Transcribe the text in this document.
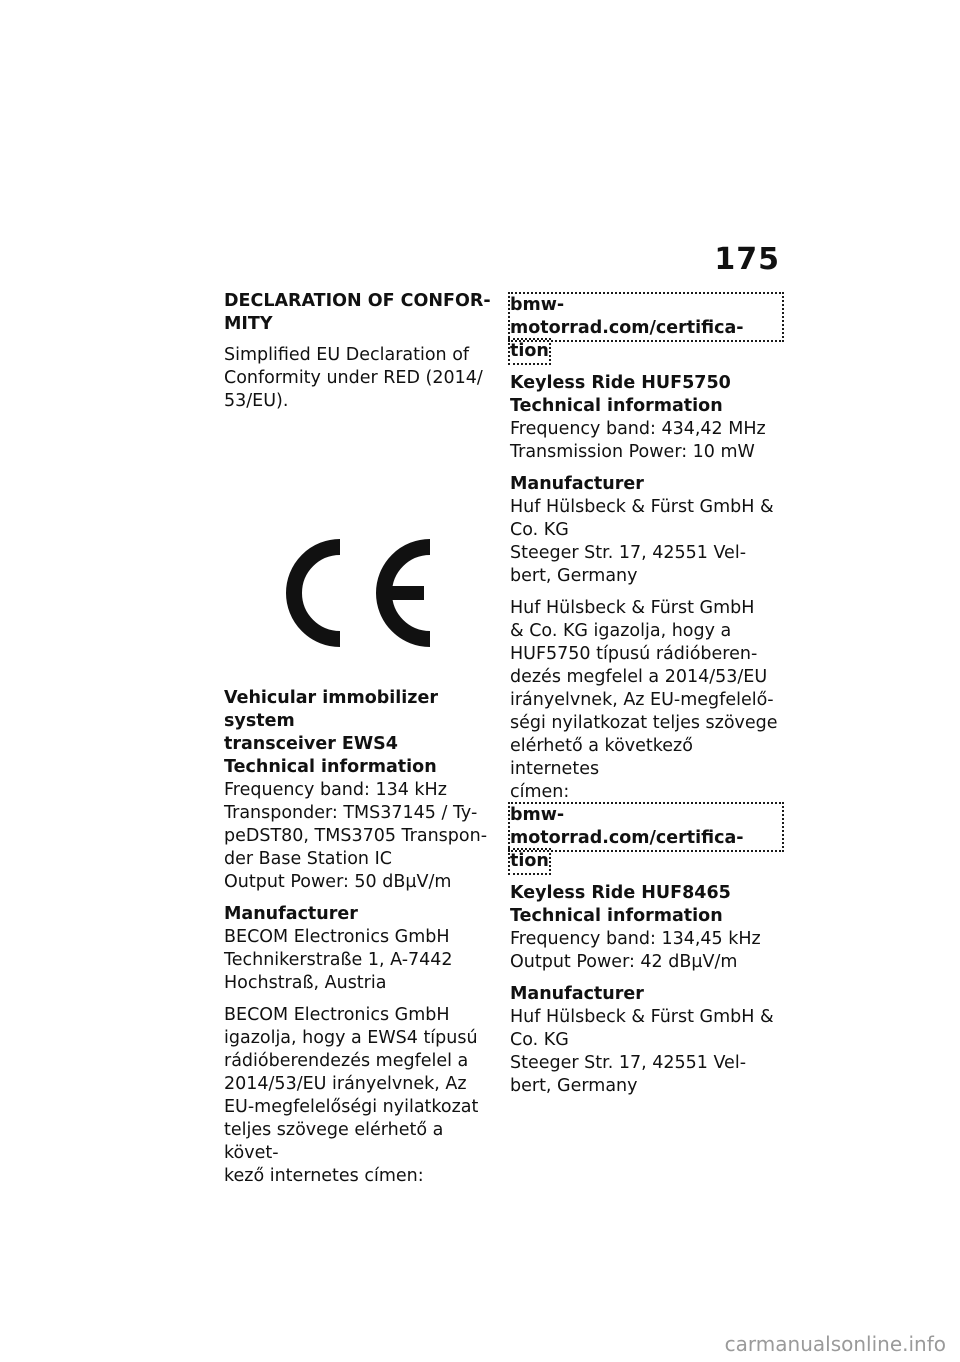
175

DECLARATION OF CONFOR-
MITY

Simplified EU Declaration of
Conformity under RED (2014/
53/EU).

Vehicular immobilizer system
transceiver EWS4

Technical information

Frequency band: 134 kHz
Transponder: TMS37145 / Ty-
peDST80, TMS3705 Transpon-
der Base Station IC
Output Power: 50 dBµV/m

Manufacturer

BECOM Electronics GmbH
Technikerstraße 1, A-7442
Hochstraß, Austria

BECOM Electronics GmbH
igazolja, hogy a EWS4 típusú
rádióberendezés megfelel a
2014/53/EU irányelvnek, Az
EU-megfelelőségi nyilatkozat
teljes szövege elérhető a követ-
kező internetes címen:

bmw-motorrad.com/certifica-
tion

Keyless Ride HUF5750

Technical information

Frequency band: 434,42 MHz
Transmission Power: 10 mW

Manufacturer

Huf Hülsbeck & Fürst GmbH &
Co. KG
Steeger Str. 17, 42551 Vel-
bert, Germany

Huf Hülsbeck & Fürst GmbH
& Co. KG igazolja, hogy a
HUF5750 típusú rádióberen-
dezés megfelel a 2014/53/EU
irányelvnek, Az EU-megfelelő-
ségi nyilatkozat teljes szövege
elérhető a következő internetes
címen:

bmw-motorrad.com/certifica-
tion

Keyless Ride HUF8465

Technical information

Frequency band: 134,45 kHz
Output Power: 42 dBµV/m

Manufacturer

Huf Hülsbeck & Fürst GmbH &
Co. KG
Steeger Str. 17, 42551 Vel-
bert, Germany

carmanualsonline.info
